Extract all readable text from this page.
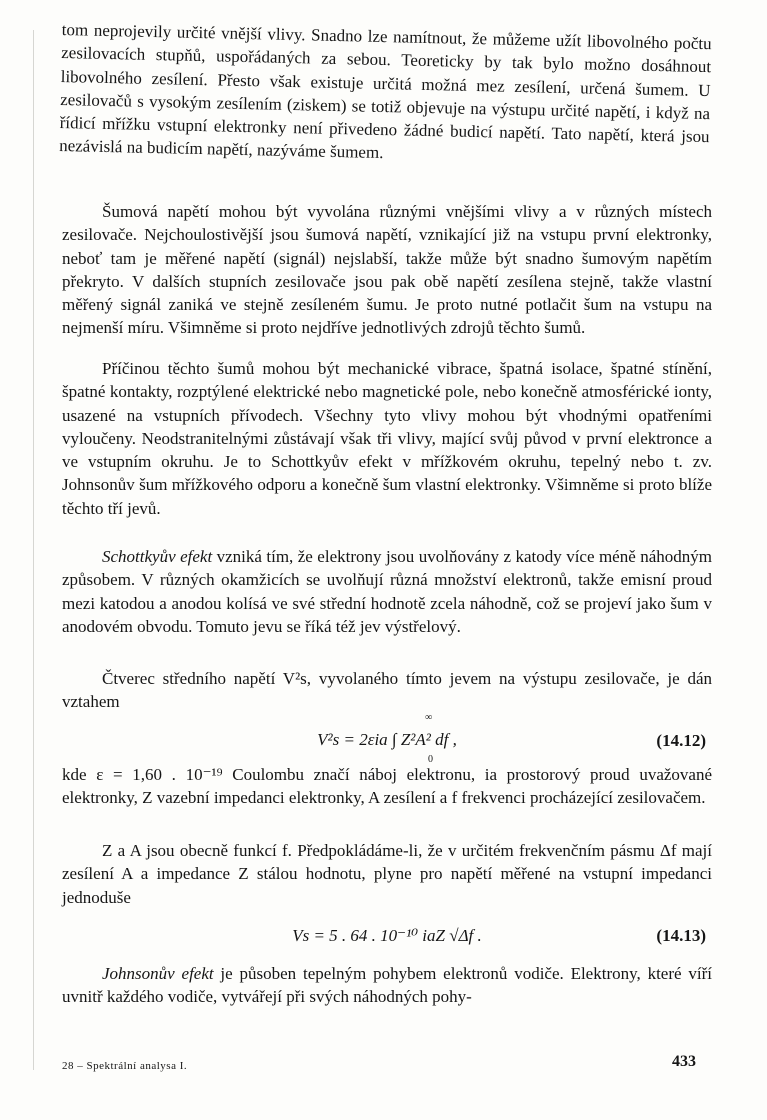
tom neprojevily určité vnější vlivy. Snadno lze namítnout, že můžeme užít libovolného počtu zesilovacích stupňů, uspořádaných za sebou. Teoreticky by tak bylo možno dosáhnout libovolného zesílení. Přesto však existuje určitá možná mez zesílení, určená šumem. U zesilovačů s vysokým zesílením (ziskem) se totiž objevuje na výstupu určité napětí, i když na řídicí mřížku vstupní elektronky není přivedeno žádné budicí napětí. Tato napětí, která jsou nezávislá na budicím napětí, nazýváme šumem.

Šumová napětí mohou být vyvolána různými vnějšími vlivy a v různých místech zesilovače. Nejchoulostivější jsou šumová napětí, vznikající již na vstupu první elektronky, neboť tam je měřené napětí (signál) nejslabší, takže může být snadno šumovým napětím překryto. V dalších stupních zesilovače jsou pak obě napětí zesílena stejně, takže vlastní měřený signál zaniká ve stejně zesíleném šumu. Je proto nutné potlačit šum na vstupu na nejmenší míru. Všimněme si proto nejdříve jednotlivých zdrojů těchto šumů.

Příčinou těchto šumů mohou být mechanické vibrace, špatná isolace, špatné stínění, špatné kontakty, rozptýlené elektrické nebo magnetické pole, nebo konečně atmosférické ionty, usazené na vstupních přívodech. Všechny tyto vlivy mohou být vhodnými opatřeními vyloučeny. Neodstranitelnými zůstávají však tři vlivy, mající svůj původ v první elektronce a ve vstupním okruhu. Je to Schottkyův efekt v mřížkovém okruhu, tepelný nebo t. zv. Johnsonův šum mřížkového odporu a konečně šum vlastní elektronky. Všimněme si proto blíže těchto tří jevů.

Schottkyův efekt vzniká tím, že elektrony jsou uvolňovány z katody více méně náhodným způsobem. V různých okamžicích se uvolňují různá množství elektronů, takže emisní proud mezi katodou a anodou kolísá ve své střední hodnotě zcela náhodně, což se projeví jako šum v anodovém obvodu. Tomuto jevu se říká též jev výstřelový.

Čtverec středního napětí V²s, vyvolaného tímto jevem na výstupu zesilovače, je dán vztahem

∞
V²s = 2εia ∫ Z²A² df ,
0
(14.12)

kde ε = 1,60 . 10⁻¹⁹ Coulombu značí náboj elektronu, ia prostorový proud uvažované elektronky, Z vazební impedanci elektronky, A zesílení a f frekvenci procházející zesilovačem.

Z a A jsou obecně funkcí f. Předpokládáme-li, že v určitém frekvenčním pásmu Δf mají zesílení A a impedance Z stálou hodnotu, plyne pro napětí měřené na vstupní impedanci jednoduše

Vs = 5 . 64 . 10⁻¹⁰ iaZ √Δf .	(14.13)

Johnsonův efekt je působen tepelným pohybem elektronů vodiče. Elektrony, které víří uvnitř každého vodiče, vytvářejí při svých náhodných pohy-

28 – Spektrální analysa I.	433
